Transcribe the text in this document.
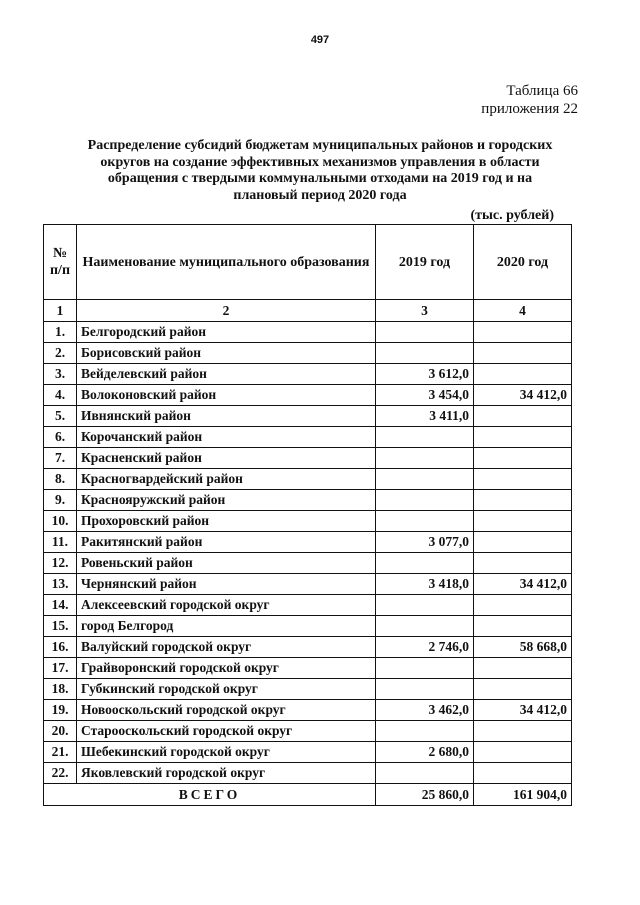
497
Таблица 66
приложения 22
Распределение субсидий бюджетам муниципальных районов и городских
округов на создание эффективных механизмов управления в области
обращения с твердыми коммунальными отходами на 2019 год и на
плановый период 2020 года
(тыс. рублей)
№ п/п	Наименование муниципального образования	2019 год	2020 год
1	2	3	4
1.	Белгородский район		
2.	Борисовский район		
3.	Вейделевский район	3 612,0	
4.	Волоконовский район	3 454,0	34 412,0
5.	Ивнянский район	3 411,0	
6.	Корочанский район		
7.	Красненский район		
8.	Красногвардейский район		
9.	Краснояружский район		
10.	Прохоровский район		
11.	Ракитянский район	3 077,0	
12.	Ровеньский район		
13.	Чернянский район	3 418,0	34 412,0
14.	Алексеевский городской округ		
15.	город Белгород		
16.	Валуйский городской округ	2 746,0	58 668,0
17.	Грайворонский городской округ		
18.	Губкинский городской округ		
19.	Новооскольский городской округ	3 462,0	34 412,0
20.	Старооскольский городской округ		
21.	Шебекинский городской округ	2 680,0	
22.	Яковлевский городской округ		
ВСЕГО		25 860,0	161 904,0
